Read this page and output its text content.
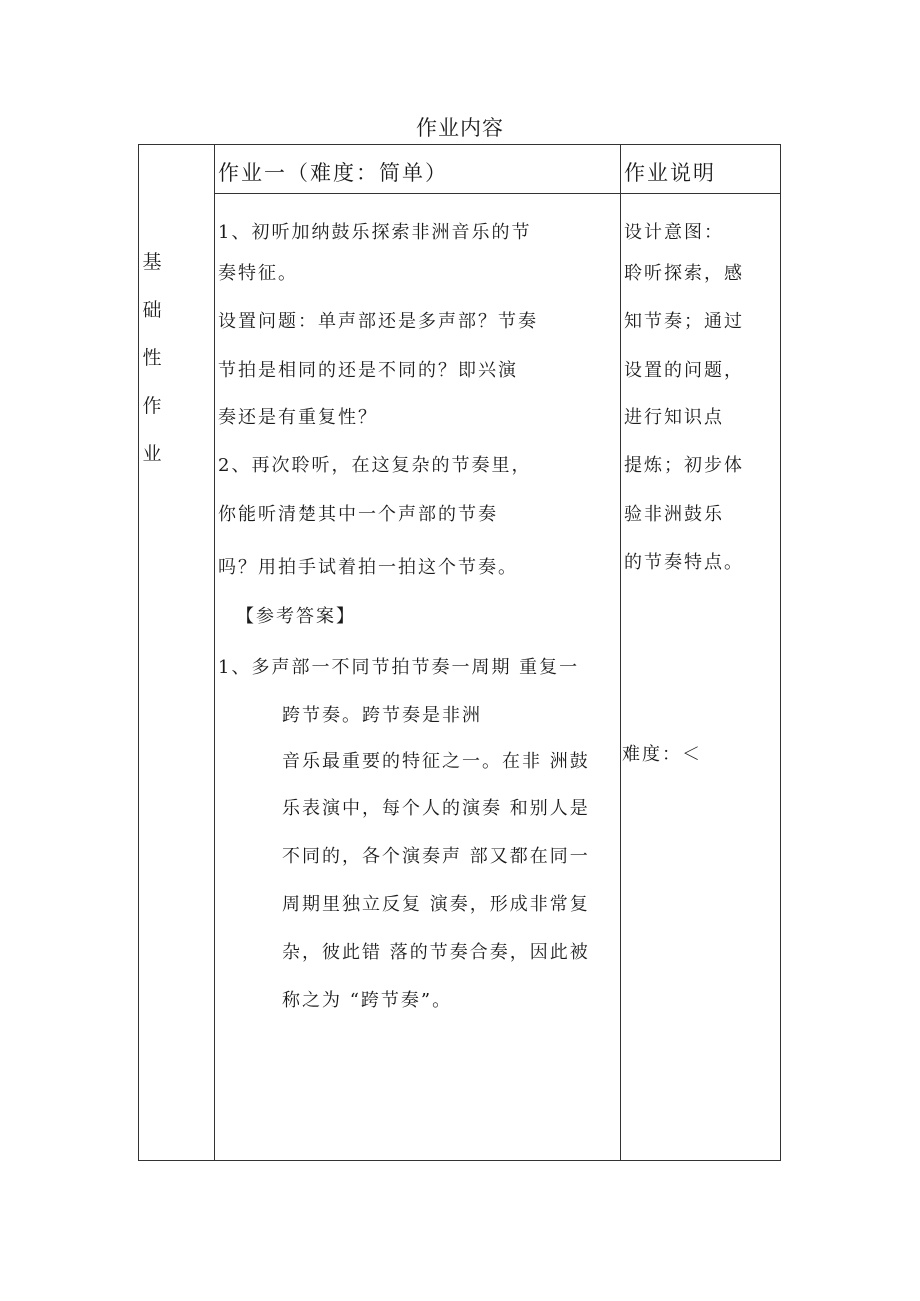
作业内容
基
础
性
作
业
作业一（难度：简单）	作业说明
1、初听加纳鼓乐探索非洲音乐的节
奏特征。
设置问题：单声部还是多声部？节奏
节拍是相同的还是不同的？即兴演
奏还是有重复性？
2、再次聆听，在这复杂的节奏里，
你能听清楚其中一个声部的节奏
吗？用拍手试着拍一拍这个节奏。
【参考答案】
1、多声部一不同节拍节奏一周期 重复一
跨节奏。跨节奏是非洲
音乐最重要的特征之一。在非 洲鼓
乐表演中，每个人的演奏 和别人是
不同的，各个演奏声 部又都在同一
周期里独立反复 演奏，形成非常复
杂，彼此错 落的节奏合奏，因此被
称之为 “跨节奏”。
设计意图：
聆听探索，感
知节奏；通过
设置的问题，
进行知识点
提炼；初步体
验非洲鼓乐
的节奏特点。
难度：＜
